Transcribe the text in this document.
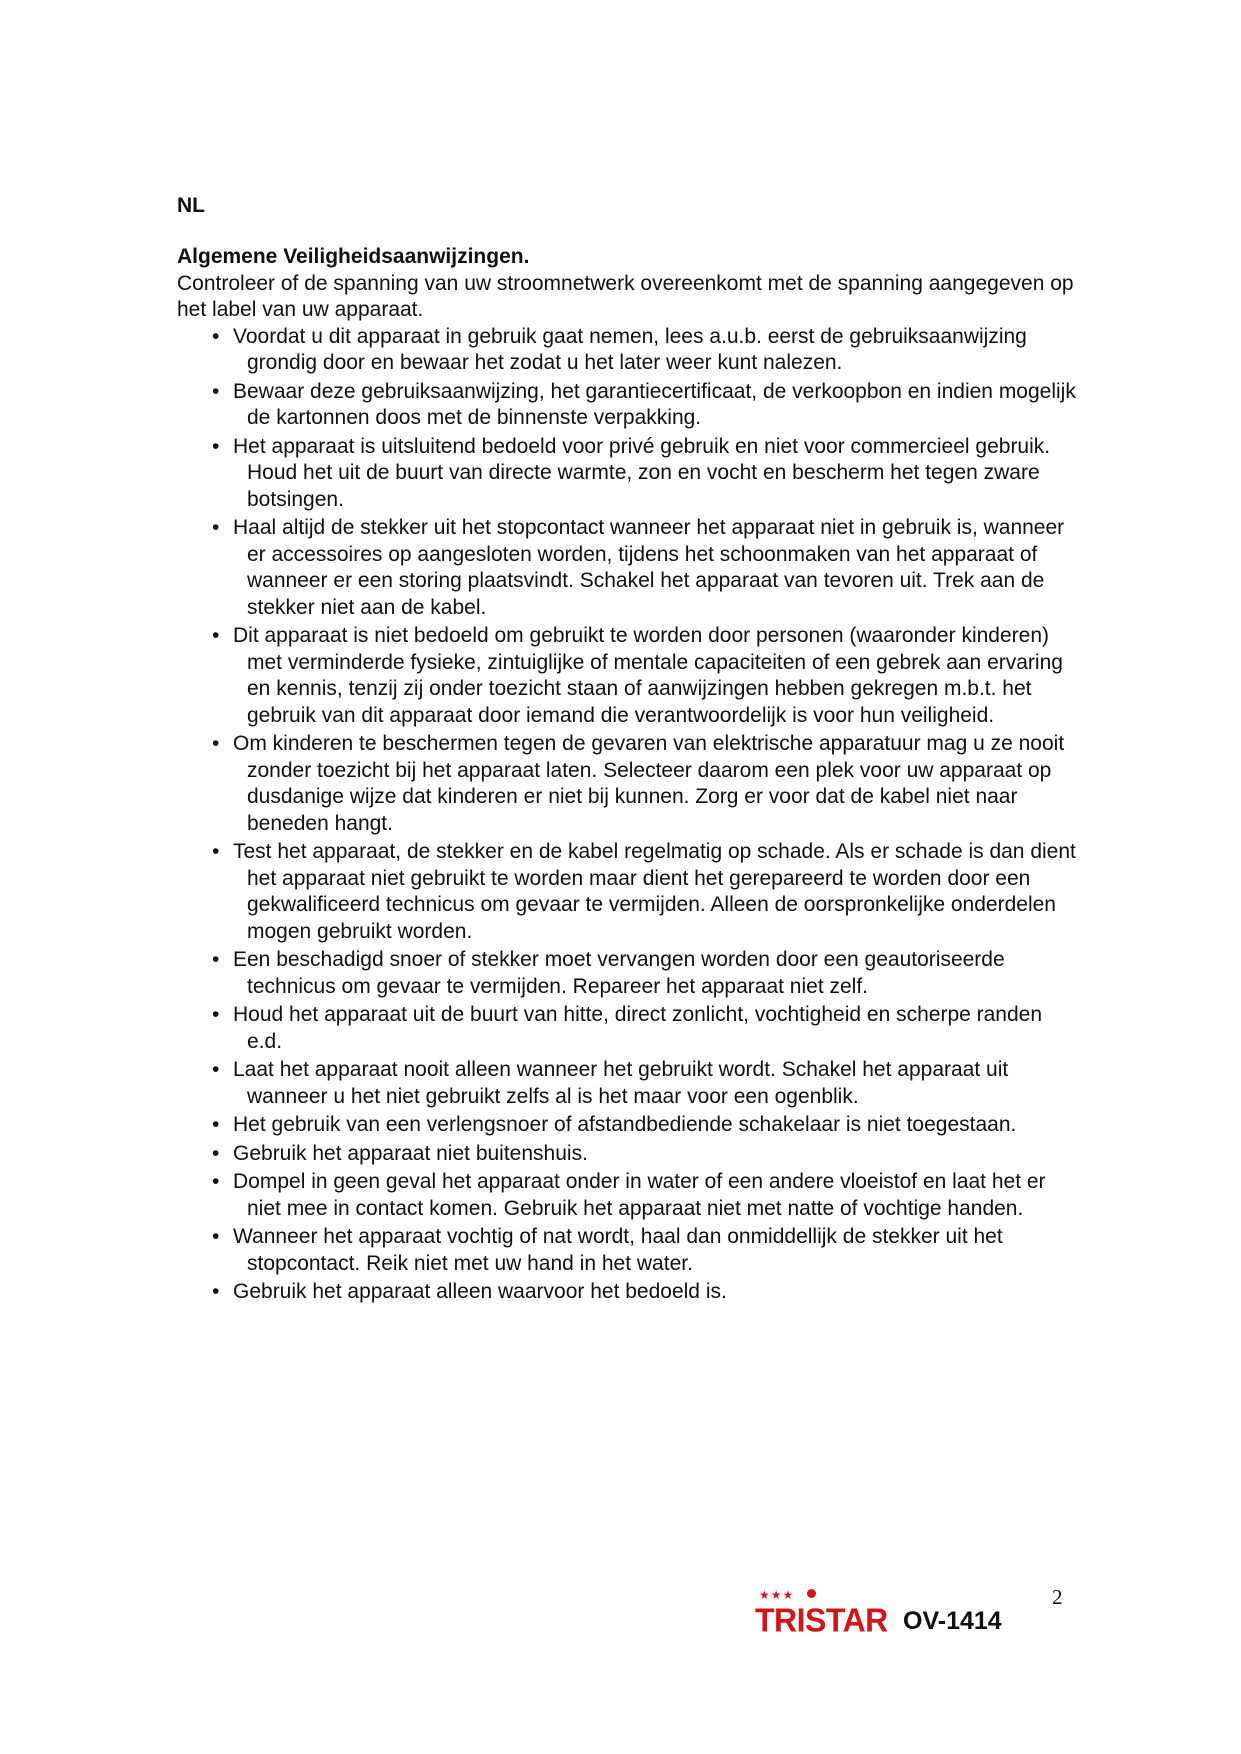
NL

Algemene Veiligheidsaanwijzingen.

Controleer of de spanning van uw stroomnetwerk overeenkomt met de spanning aangegeven op het label van uw apparaat.

• Voordat u dit apparaat in gebruik gaat nemen, lees a.u.b. eerst de gebruiksaanwijzing grondig door en bewaar het zodat u het later weer kunt nalezen.
• Bewaar deze gebruiksaanwijzing, het garantiecertificaat, de verkoopbon en indien mogelijk de kartonnen doos met de binnenste verpakking.
• Het apparaat is uitsluitend bedoeld voor privé gebruik en niet voor commercieel gebruik. Houd het uit de buurt van directe warmte, zon en vocht en bescherm het tegen zware botsingen.
• Haal altijd de stekker uit het stopcontact wanneer het apparaat niet in gebruik is, wanneer er accessoires op aangesloten worden, tijdens het schoonmaken van het apparaat of wanneer er een storing plaatsvindt. Schakel het apparaat van tevoren uit. Trek aan de stekker niet aan de kabel.
• Dit apparaat is niet bedoeld om gebruikt te worden door personen (waaronder kinderen) met verminderde fysieke, zintuiglijke of mentale capaciteiten of een gebrek aan ervaring en kennis, tenzij zij onder toezicht staan of aanwijzingen hebben gekregen m.b.t. het gebruik van dit apparaat door iemand die verantwoordelijk is voor hun veiligheid.
• Om kinderen te beschermen tegen de gevaren van elektrische apparatuur mag u ze nooit zonder toezicht bij het apparaat laten. Selecteer daarom een plek voor uw apparaat op dusdanige wijze dat kinderen er niet bij kunnen. Zorg er voor dat de kabel niet naar beneden hangt.
• Test het apparaat, de stekker en de kabel regelmatig op schade. Als er schade is dan dient het apparaat niet gebruikt te worden maar dient het gerepareerd te worden door een gekwalificeerd technicus om gevaar te vermijden. Alleen de oorspronkelijke onderdelen mogen gebruikt worden.
• Een beschadigd snoer of stekker moet vervangen worden door een geautoriseerde technicus om gevaar te vermijden. Repareer het apparaat niet zelf.
• Houd het apparaat uit de buurt van hitte, direct zonlicht, vochtigheid en scherpe randen e.d.
• Laat het apparaat nooit alleen wanneer het gebruikt wordt. Schakel het apparaat uit wanneer u het niet gebruikt zelfs al is het maar voor een ogenblik.
• Het gebruik van een verlengsnoer of afstandbediende schakelaar is niet toegestaan.
• Gebruik het apparaat niet buitenshuis.
• Dompel in geen geval het apparaat onder in water of een andere vloeistof en laat het er niet mee in contact komen. Gebruik het apparaat niet met natte of vochtige handen.
• Wanneer het apparaat vochtig of nat wordt, haal dan onmiddellijk de stekker uit het stopcontact. Reik niet met uw hand in het water.
• Gebruik het apparaat alleen waarvoor het bedoeld is.
★★★
TRISTAR OV-1414
2
